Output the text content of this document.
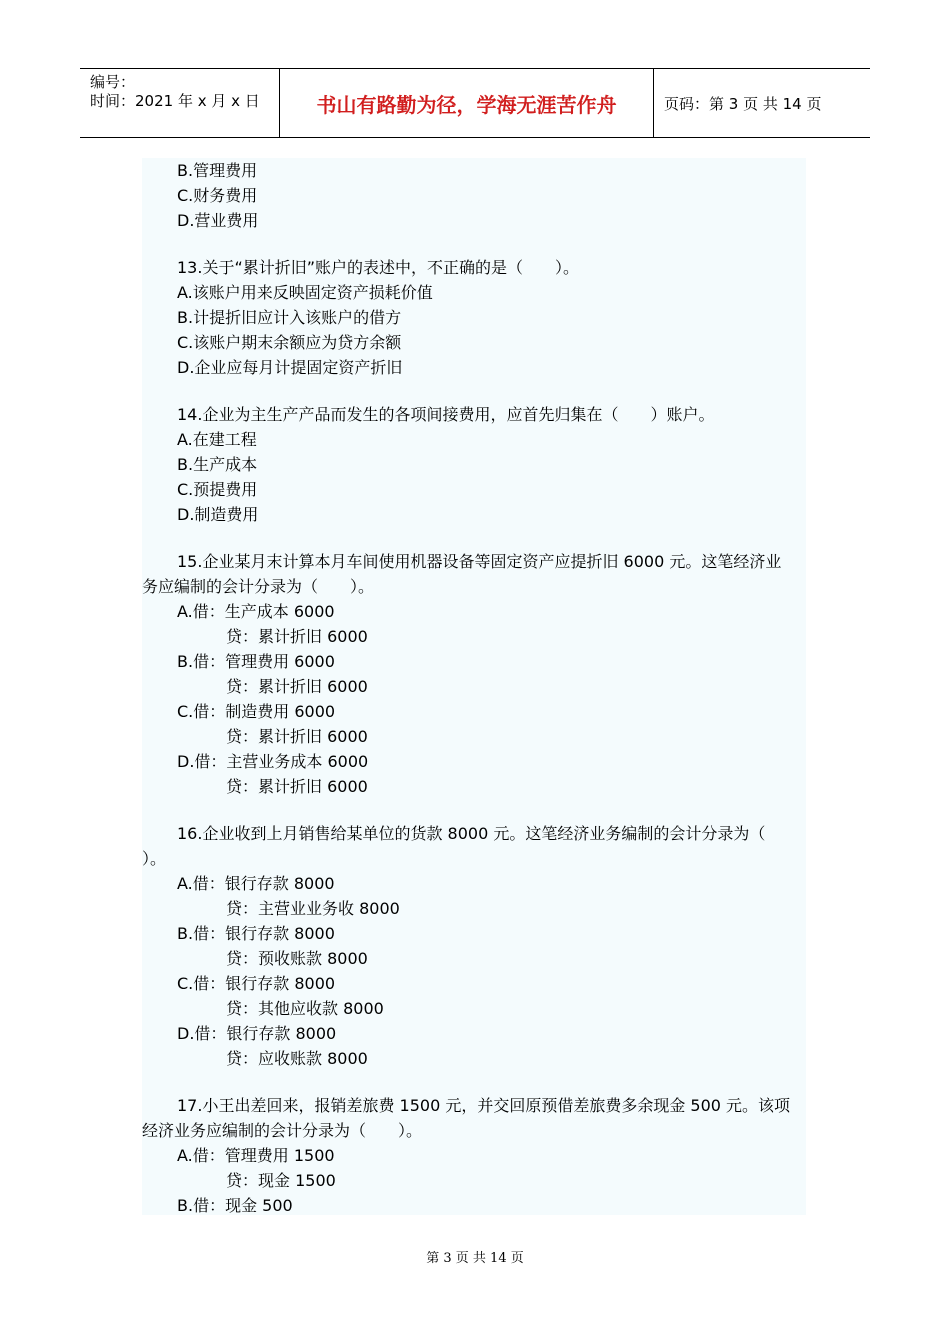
编号：
时间：2021 年 x 月 x 日	书山有路勤为径，学海无涯苦作舟	页码：第 3 页 共 14 页
B.管理费用
C.财务费用
D.营业费用
13.关于“累计折旧”账户的表述中，不正确的是（　　）。
A.该账户用来反映固定资产损耗价值
B.计提折旧应计入该账户的借方
C.该账户期末余额应为贷方余额
D.企业应每月计提固定资产折旧
14.企业为主生产产品而发生的各项间接费用，应首先归集在（　　）账户。
A.在建工程
B.生产成本
C.预提费用
D.制造费用
15.企业某月末计算本月车间使用机器设备等固定资产应提折旧 6000 元。这笔经济业
务应编制的会计分录为（　　）。
A.借：生产成本 6000
贷：累计折旧 6000
B.借：管理费用 6000
贷：累计折旧 6000
C.借：制造费用 6000
贷：累计折旧 6000
D.借：主营业务成本 6000
贷：累计折旧 6000
16.企业收到上月销售给某单位的货款 8000 元。这笔经济业务编制的会计分录为（
）。
A.借：银行存款 8000
贷：主营业业务收 8000
B.借：银行存款 8000
贷：预收账款 8000
C.借：银行存款 8000
贷：其他应收款 8000
D.借：银行存款 8000
贷：应收账款 8000
17.小王出差回来，报销差旅费 1500 元，并交回原预借差旅费多余现金 500 元。该项
经济业务应编制的会计分录为（　　）。
A.借：管理费用 1500
贷：现金 1500
B.借：现金 500
第 3 页 共 14 页
